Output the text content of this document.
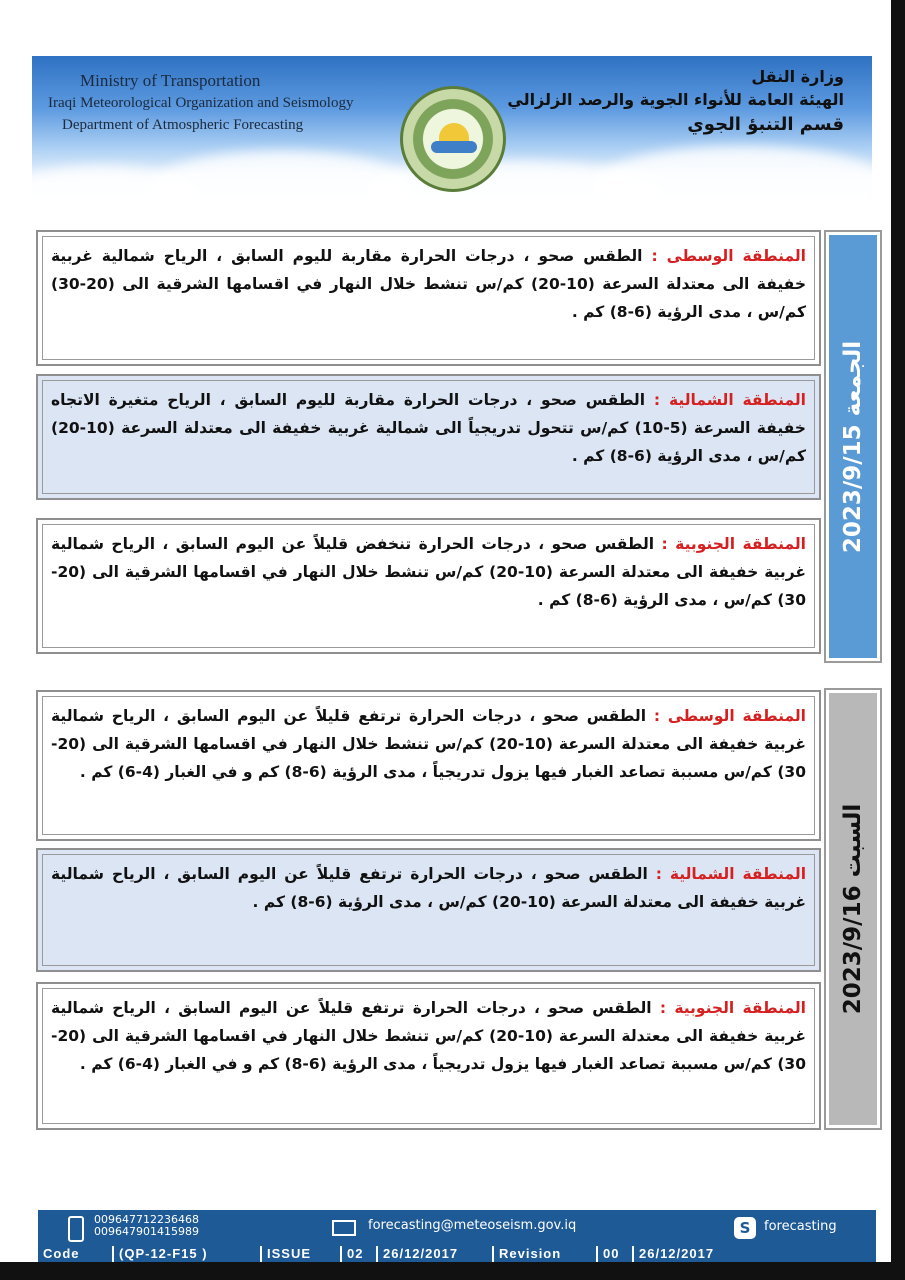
Ministry of Transportation
Iraqi Meteorological Organization and Seismology
Department of Atmospheric Forecasting
وزارة النقل
الهيئة العامة للأنواء الجوية والرصد الزلزالي
قسم التنبؤ الجوي
المنطقة الوسطى : الطقس صحو ، درجات الحرارة مقاربة لليوم السابق ، الرياح شمالية غربية خفيفة الى معتدلة السرعة (10-20) كم/س تنشط خلال النهار في اقسامها الشرقية الى (20-30) كم/س ، مدى الرؤية (6-8) كم .
المنطقة الشمالية : الطقس صحو ، درجات الحرارة مقاربة لليوم السابق ، الرياح متغيرة الاتجاه خفيفة السرعة (5-10) كم/س تتحول تدريجياً الى شمالية غربية خفيفة الى معتدلة السرعة (10-20) كم/س ، مدى الرؤية (6-8) كم .
المنطقة الجنوبية : الطقس صحو ، درجات الحرارة تنخفض قليلاً عن اليوم السابق ، الرياح شمالية غربية خفيفة الى معتدلة السرعة (10-20) كم/س تنشط خلال النهار في اقسامها الشرقية الى (20-30) كم/س ، مدى الرؤية (6-8) كم .
2023/9/15الجمعة
المنطقة الوسطى : الطقس صحو ، درجات الحرارة ترتفع قليلاً عن اليوم السابق ، الرياح شمالية غربية خفيفة الى معتدلة السرعة (10-20) كم/س تنشط خلال النهار في اقسامها الشرقية الى (20-30) كم/س مسببة تصاعد الغبار فيها يزول تدريجياً ، مدى الرؤية (6-8) كم و في الغبار (4-6) كم .
المنطقة الشمالية : الطقس صحو ، درجات الحرارة ترتفع قليلاً عن اليوم السابق ، الرياح شمالية غربية خفيفة الى معتدلة السرعة (10-20) كم/س ، مدى الرؤية (6-8) كم .
المنطقة الجنوبية : الطقس صحو ، درجات الحرارة ترتفع قليلاً عن اليوم السابق ، الرياح شمالية غربية خفيفة الى معتدلة السرعة (10-20) كم/س تنشط خلال النهار في اقسامها الشرقية الى (20-30) كم/س مسببة تصاعد الغبار فيها يزول تدريجياً ، مدى الرؤية (6-8) كم و في الغبار (4-6) كم .
2023/9/16السبت
009647712236468
009647901415989	forecasting@meteoseism.gov.iq	S	forecasting
Code	(QP-12-F15 )	ISSUE	02	26/12/2017	Revision	00	26/12/2017
